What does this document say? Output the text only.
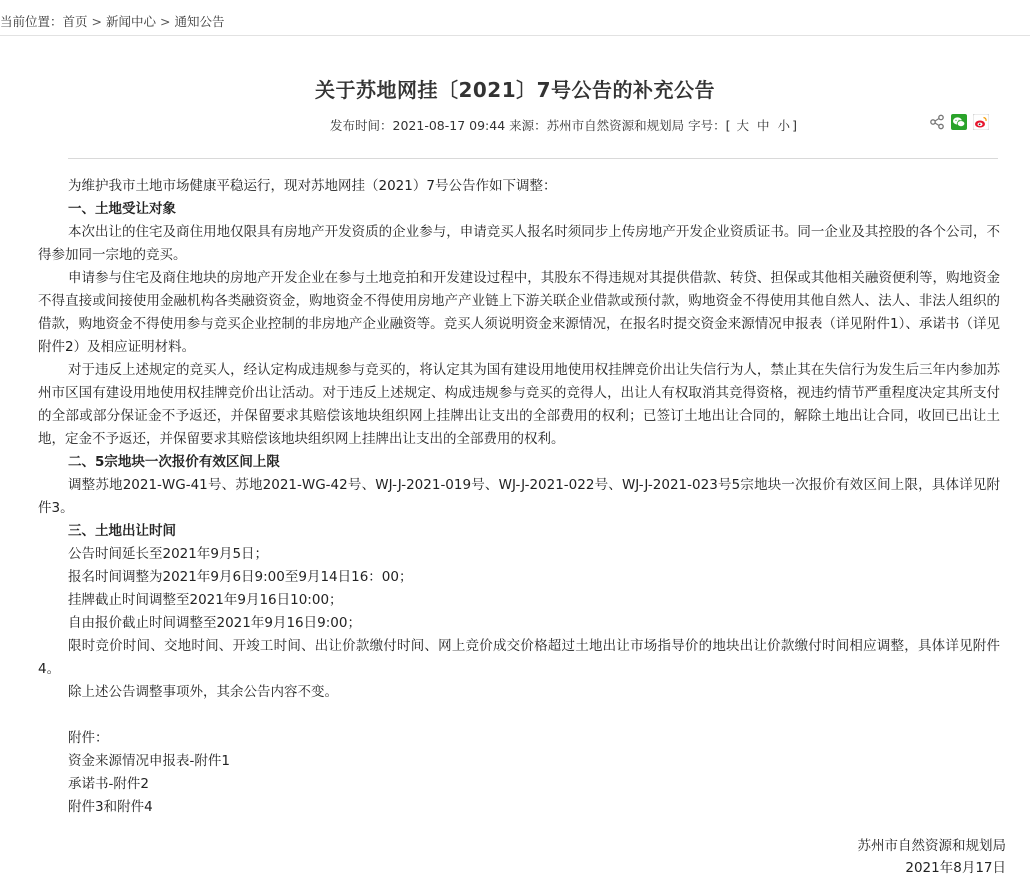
当前位置：首页 > 新闻中心 > 通知公告
关于苏地网挂〔2021〕7号公告的补充公告
发布时间：2021-08-17 09:44 来源：苏州市自然资源和规划局 字号：[ 大 中 小 ]

为维护我市土地市场健康平稳运行，现对苏地网挂（2021）7号公告作如下调整：

一、土地受让对象

本次出让的住宅及商住用地仅限具有房地产开发资质的企业参与，申请竞买人报名时须同步上传房地产开发企业资质证书。同一企业及其控股的各个公司，不得参加同一宗地的竞买。

申请参与住宅及商住地块的房地产开发企业在参与土地竞拍和开发建设过程中，其股东不得违规对其提供借款、转贷、担保或其他相关融资便利等，购地资金不得直接或间接使用金融机构各类融资资金，购地资金不得使用房地产产业链上下游关联企业借款或预付款，购地资金不得使用其他自然人、法人、非法人组织的借款，购地资金不得使用参与竞买企业控制的非房地产企业融资等。竞买人须说明资金来源情况，在报名时提交资金来源情况申报表（详见附件1）、承诺书（详见附件2）及相应证明材料。

对于违反上述规定的竞买人，经认定构成违规参与竞买的，将认定其为国有建设用地使用权挂牌竞价出让失信行为人，禁止其在失信行为发生后三年内参加苏州市区国有建设用地使用权挂牌竞价出让活动。对于违反上述规定、构成违规参与竞买的竞得人，出让人有权取消其竞得资格，视违约情节严重程度决定其所支付的全部或部分保证金不予返还，并保留要求其赔偿该地块组织网上挂牌出让支出的全部费用的权利；已签订土地出让合同的，解除土地出让合同，收回已出让土地，定金不予返还，并保留要求其赔偿该地块组织网上挂牌出让支出的全部费用的权利。

二、5宗地块一次报价有效区间上限

调整苏地2021-WG-41号、苏地2021-WG-42号、WJ-J-2021-019号、WJ-J-2021-022号、WJ-J-2021-023号5宗地块一次报价有效区间上限，具体详见附件3。

三、土地出让时间

公告时间延长至2021年9月5日；

报名时间调整为2021年9月6日9:00至9月14日16：00；

挂牌截止时间调整至2021年9月16日10:00；

自由报价截止时间调整至2021年9月16日9:00；

限时竞价时间、交地时间、开竣工时间、出让价款缴付时间、网上竞价成交价格超过土地出让市场指导价的地块出让价款缴付时间相应调整，具体详见附件4。

除上述公告调整事项外，其余公告内容不变。

附件：

资金来源情况申报表-附件1

承诺书-附件2

附件3和附件4

苏州市自然资源和规划局
2021年8月17日
